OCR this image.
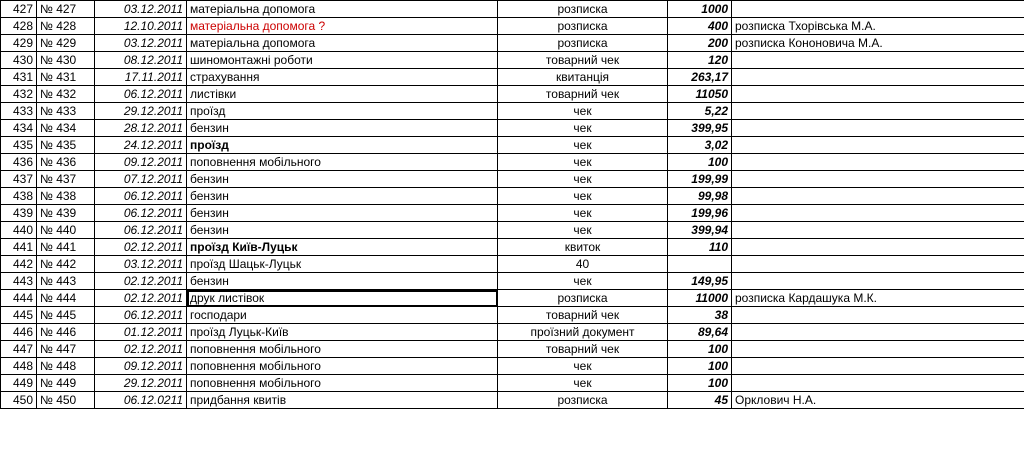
427	№ 427	03.12.2011	матеріальна допомога	розписка	1000	
428	№ 428	12.10.2011	матеріальна допомога ?	розписка	400	розписка Тхорівська М.А.
429	№ 429	03.12.2011	матеріальна допомога	розписка	200	розписка Кононовича М.А.
430	№ 430	08.12.2011	шиномонтажні роботи	товарний чек	120	
431	№ 431	17.11.2011	страхування	квитанція	263,17	
432	№ 432	06.12.2011	листівки	товарний чек	11050	
433	№ 433	29.12.2011	проїзд	чек	5,22	
434	№ 434	28.12.2011	бензин	чек	399,95	
435	№ 435	24.12.2011	проїзд	чек	3,02	
436	№ 436	09.12.2011	поповнення мобільного	чек	100	
437	№ 437	07.12.2011	бензин	чек	199,99	
438	№ 438	06.12.2011	бензин	чек	99,98	
439	№ 439	06.12.2011	бензин	чек	199,96	
440	№ 440	06.12.2011	бензин	чек	399,94	
441	№ 441	02.12.2011	проїзд Київ-Луцьк	квиток	110	
442	№ 442	03.12.2011	проїзд Шацьк-Луцьк	40		
443	№ 443	02.12.2011	бензин	чек	149,95	
444	№ 444	02.12.2011	друк листівок	розписка	11000	розписка Кардашука М.К.
445	№ 445	06.12.2011	господари	товарний чек	38	
446	№ 446	01.12.2011	проїзд Луцьк-Київ	проїзний документ	89,64	
447	№ 447	02.12.2011	поповнення мобільного	товарний чек	100	
448	№ 448	09.12.2011	поповнення мобільного	чек	100	
449	№ 449	29.12.2011	поповнення мобільного	чек	100	
450	№ 450	06.12.0211	придбання квитів	розписка	45	Орклович Н.А.
